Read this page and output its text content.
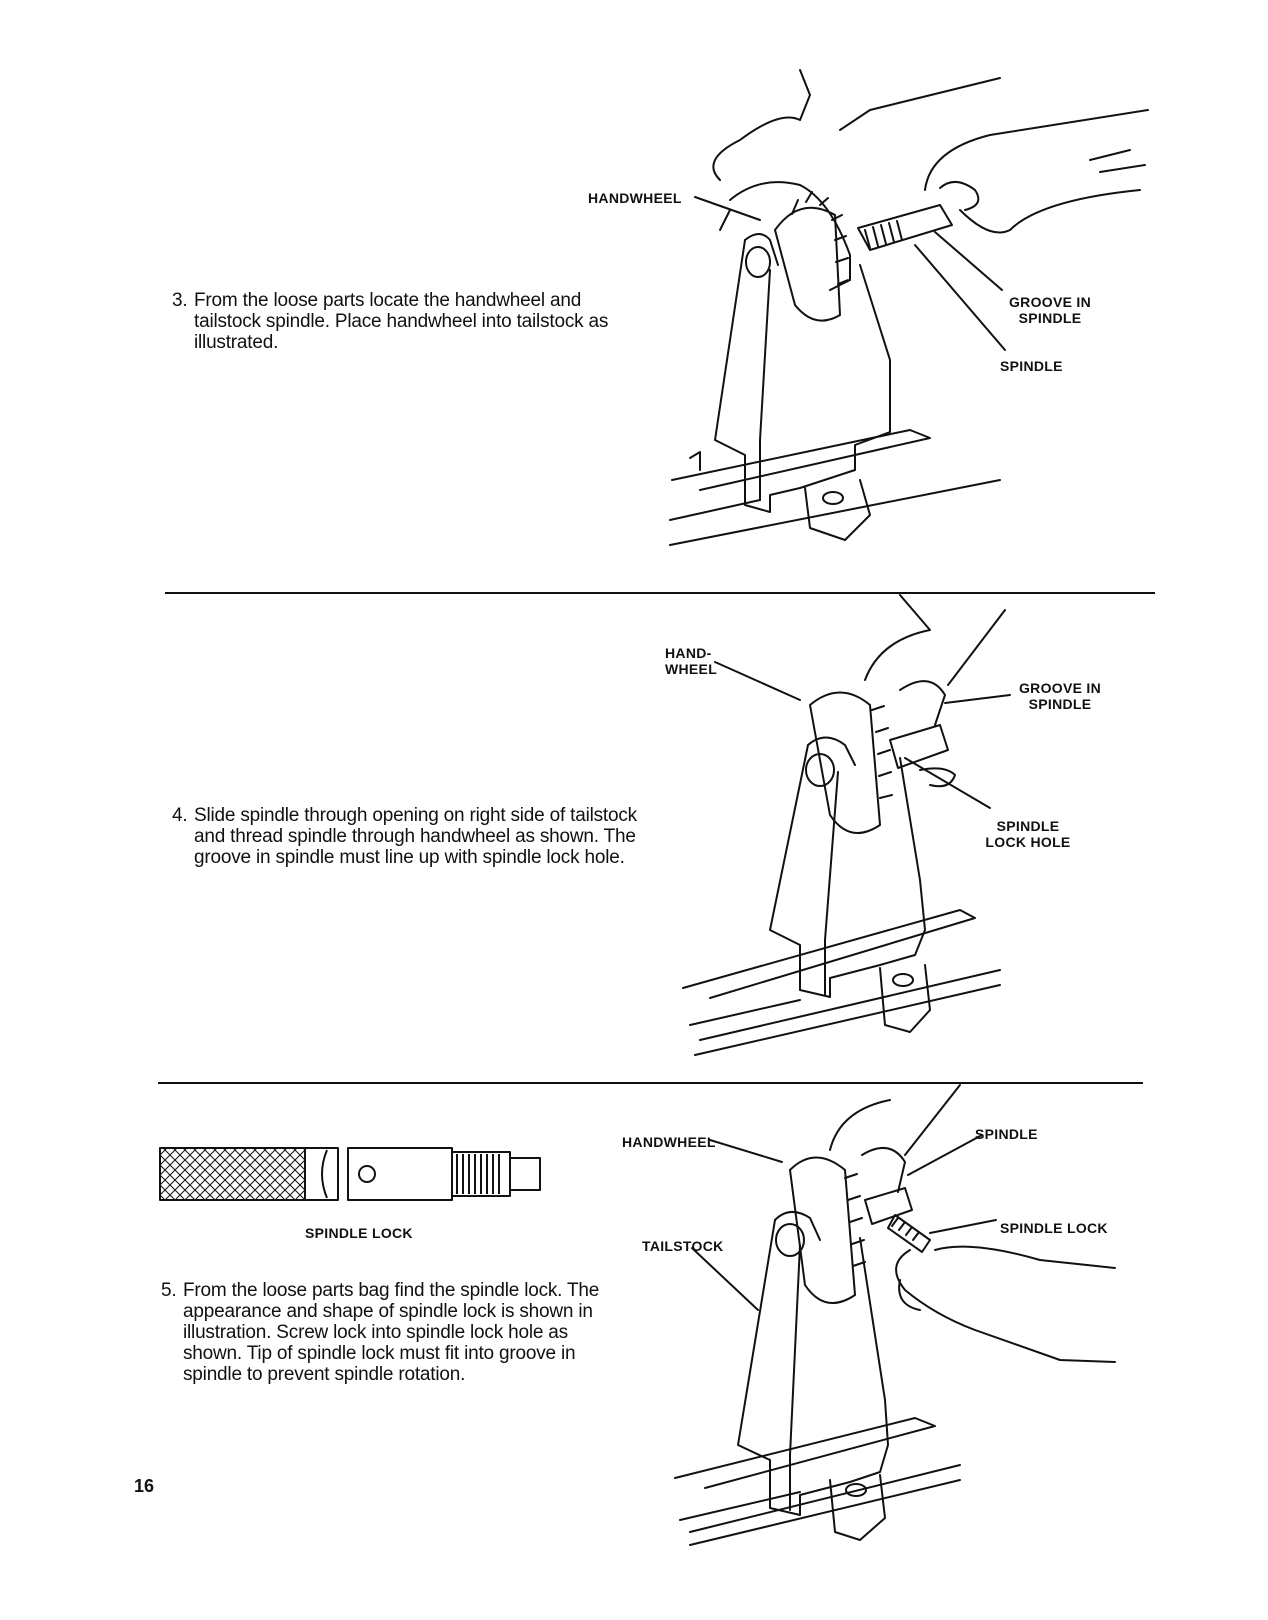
3. From the loose parts locate the handwheel and tailstock spindle. Place handwheel into tailstock as illustrated.
HANDWHEEL
GROOVE IN SPINDLE
SPINDLE
4. Slide spindle through opening on right side of tailstock and thread spindle through handwheel as shown. The groove in spindle must line up with spindle lock hole.
HAND- WHEEL
GROOVE IN SPINDLE
SPINDLE LOCK HOLE
SPINDLE LOCK
5. From the loose parts bag find the spindle lock. The appearance and shape of spindle lock is shown in illustration. Screw lock into spindle lock hole as shown. Tip of spindle lock must fit into groove in spindle to prevent spindle rotation.
HANDWHEEL
TAILSTOCK
SPINDLE
SPINDLE LOCK
16
